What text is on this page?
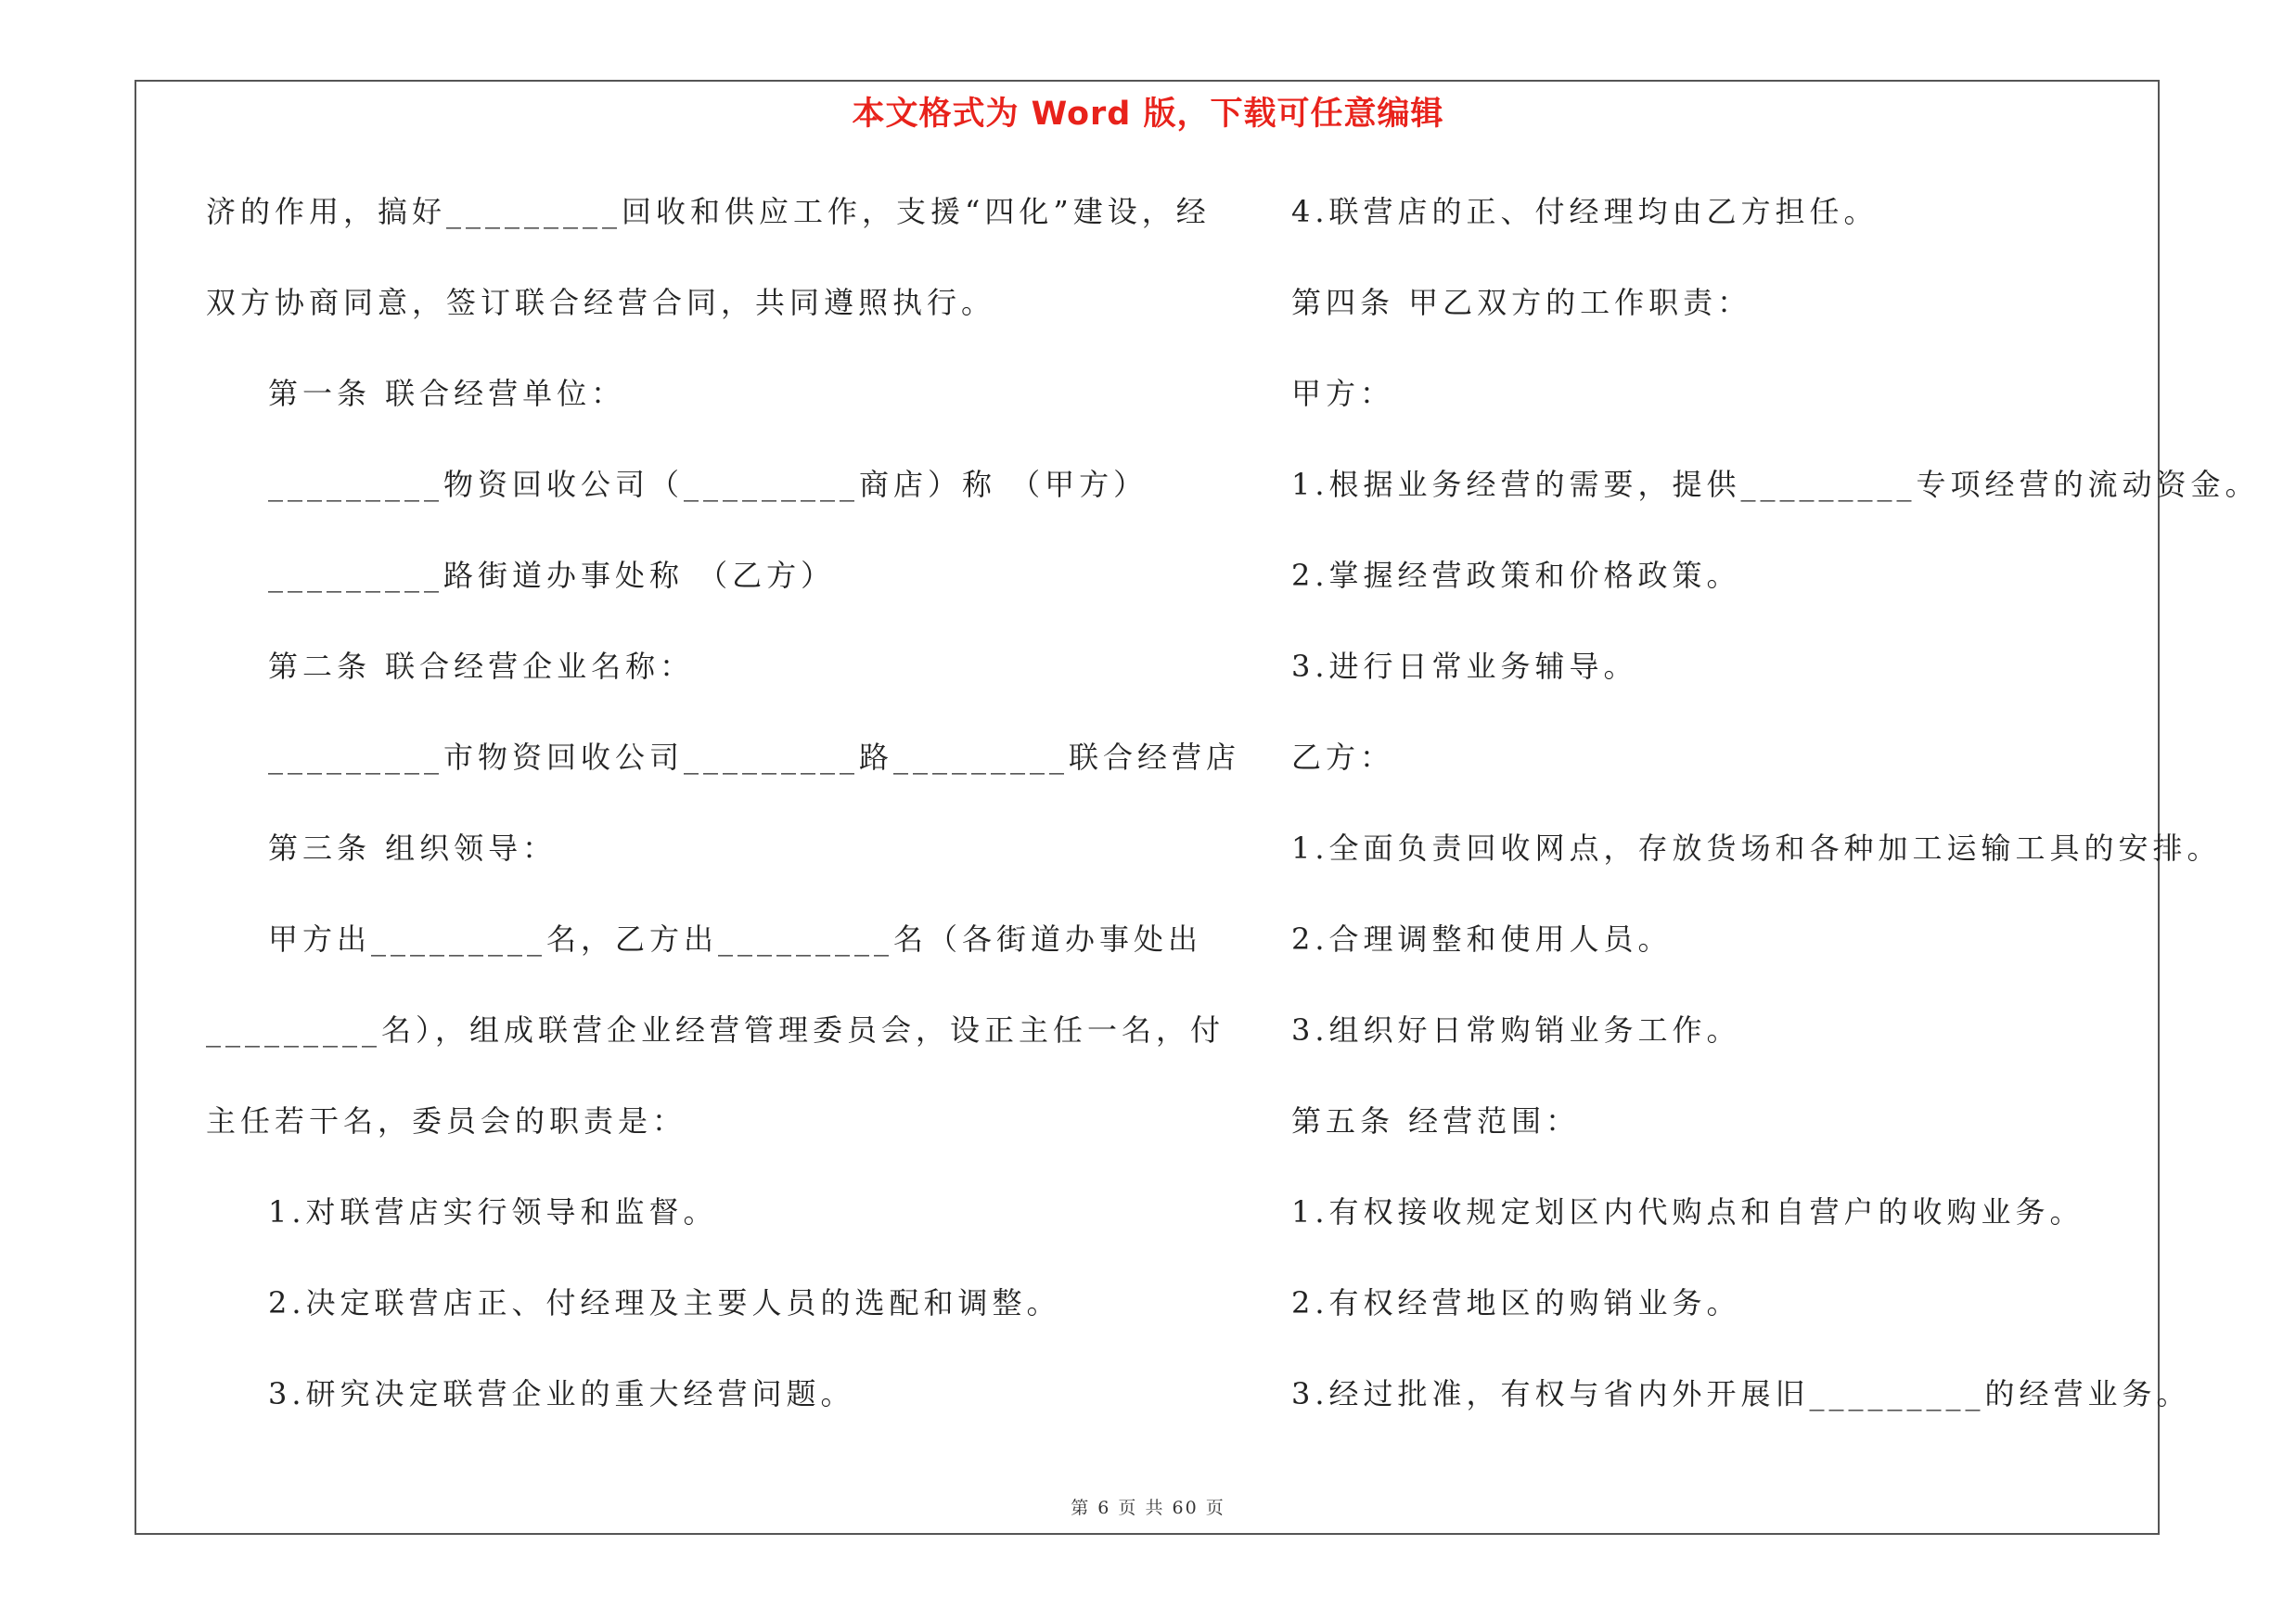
本文格式为 Word 版，下载可任意编辑
济的作用，搞好_________回收和供应工作，支援“四化”建设，经
双方协商同意，签订联合经营合同，共同遵照执行。
第一条 联合经营单位：
_________物资回收公司（_________商店）称 （甲方）
_________路街道办事处称 （乙方）
第二条 联合经营企业名称：
_________市物资回收公司_________路_________联合经营店
第三条 组织领导：
甲方出_________名，乙方出_________名（各街道办事处出
_________名），组成联营企业经营管理委员会，设正主任一名，付
主任若干名，委员会的职责是：
1.对联营店实行领导和监督。
2.决定联营店正、付经理及主要人员的选配和调整。
3.研究决定联营企业的重大经营问题。
4.联营店的正、付经理均由乙方担任。
第四条 甲乙双方的工作职责：
甲方：
1.根据业务经营的需要，提供_________专项经营的流动资金。
2.掌握经营政策和价格政策。
3.进行日常业务辅导。
乙方：
1.全面负责回收网点，存放货场和各种加工运输工具的安排。
2.合理调整和使用人员。
3.组织好日常购销业务工作。
第五条 经营范围：
1.有权接收规定划区内代购点和自营户的收购业务。
2.有权经营地区的购销业务。
3.经过批准，有权与省内外开展旧_________的经营业务。
第 6 页 共 60 页
